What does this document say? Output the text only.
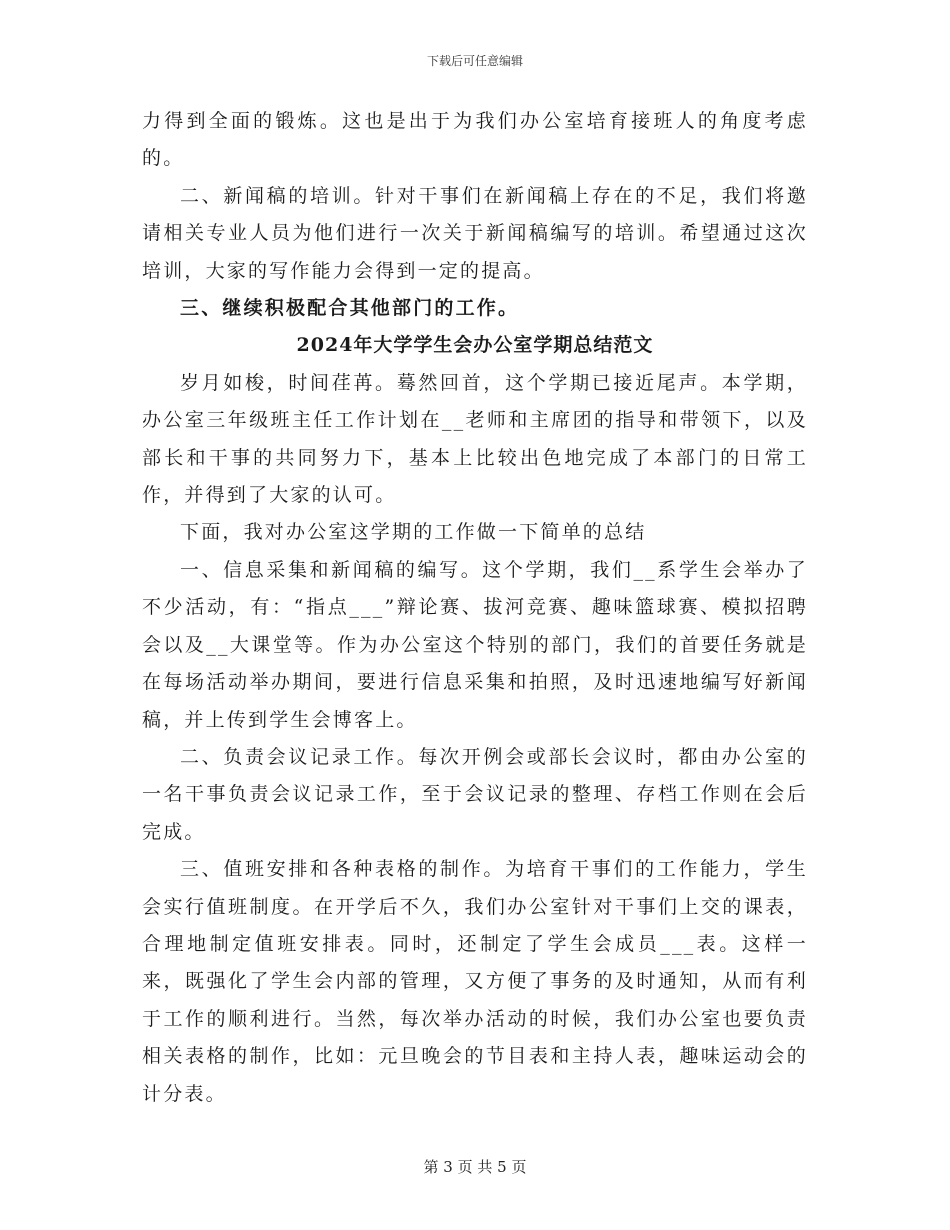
下载后可任意编辑

力得到全面的锻炼。这也是出于为我们办公室培育接班人的角度考虑的。

二、新闻稿的培训。针对干事们在新闻稿上存在的不足，我们将邀请相关专业人员为他们进行一次关于新闻稿编写的培训。希望通过这次培训，大家的写作能力会得到一定的提高。

三、继续积极配合其他部门的工作。

2024年大学学生会办公室学期总结范文

岁月如梭，时间荏苒。蓦然回首，这个学期已接近尾声。本学期，办公室三年级班主任工作计划在__老师和主席团的指导和带领下，以及部长和干事的共同努力下，基本上比较出色地完成了本部门的日常工作，并得到了大家的认可。

下面，我对办公室这学期的工作做一下简单的总结

一、信息采集和新闻稿的编写。这个学期，我们__系学生会举办了不少活动，有：“指点___”辩论赛、拔河竞赛、趣味篮球赛、模拟招聘会以及__大课堂等。作为办公室这个特别的部门，我们的首要任务就是在每场活动举办期间，要进行信息采集和拍照，及时迅速地编写好新闻稿，并上传到学生会博客上。

二、负责会议记录工作。每次开例会或部长会议时，都由办公室的一名干事负责会议记录工作，至于会议记录的整理、存档工作则在会后完成。

三、值班安排和各种表格的制作。为培育干事们的工作能力，学生会实行值班制度。在开学后不久，我们办公室针对干事们上交的课表，合理地制定值班安排表。同时，还制定了学生会成员___表。这样一来，既强化了学生会内部的管理，又方便了事务的及时通知，从而有利于工作的顺利进行。当然，每次举办活动的时候，我们办公室也要负责相关表格的制作，比如：元旦晚会的节目表和主持人表，趣味运动会的计分表。

第 3 页 共 5 页
